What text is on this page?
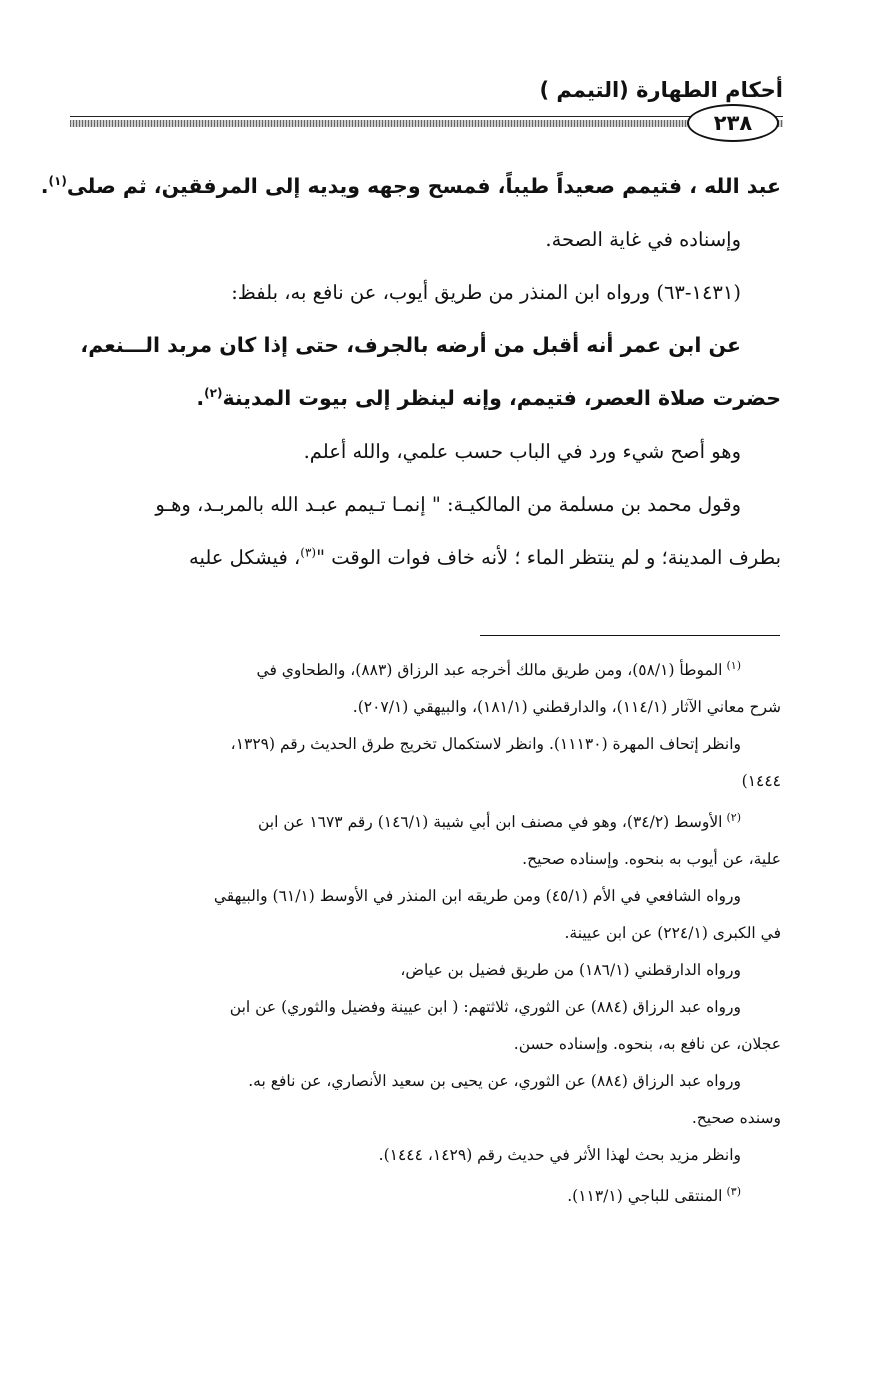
أحكام الطهارة (التيمم )
٢٣٨
عبد الله ، فتيمم صعيداً طيباً، فمسح وجهه ويديه إلى المرفقين، ثم صلى$^{(١)}$.
وإسناده في غاية الصحة.
(١٤٣١-٦٣) ورواه ابن المنذر من طريق أيوب، عن نافع به، بلفظ:
عن ابن عمر أنه أقبل من أرضه بالجرف، حتى إذا كان مربد الـــنعم،
حضرت صلاة العصر، فتيمم، وإنه لينظر إلى بيوت المدينة$^{(٢)}$.
وهو أصح شيء ورد في الباب حسب علمي، والله أعلم.
وقول محمد بن مسلمة من المالكيـة: " إنمـا تـيمم عبـد الله بالمربـد، وهـو
بطرف المدينة؛ و لم ينتظر الماء ؛ لأنه خاف فوات الوقت "$^{(٣)}$، فيشكل عليه
$^{(١)}$الموطأ (٥٨/١)، ومن طريق مالك أخرجه عبد الرزاق (٨٨٣)، والطحاوي في
شرح معاني الآثار (١١٤/١)، والدارقطني (١٨١/١)، والبيهقي (٢٠٧/١).
وانظر إتحاف المهرة (١١١٣٠). وانظر لاستكمال تخريج طرق الحديث رقم (١٣٢٩،
١٤٤٤)
$^{(٢)}$الأوسط (٣٤/٢)، وهو في مصنف ابن أبي شيبة (١٤٦/١) رقم ١٦٧٣ عن ابن
علية، عن أيوب به بنحوه. وإسناده صحيح.
ورواه الشافعي في الأم (٤٥/١) ومن طريقه ابن المنذر في الأوسط (٦١/١) والبيهقي
في الكبرى (٢٢٤/١) عن ابن عيينة.
ورواه الدارقطني (١٨٦/١) من طريق فضيل بن عياض،
ورواه عبد الرزاق (٨٨٤) عن الثوري، ثلاثتهم: ( ابن عيينة وفضيل والثوري) عن ابن
عجلان، عن نافع به، بنحوه. وإسناده حسن.
ورواه عبد الرزاق (٨٨٤) عن الثوري، عن يحيى بن سعيد الأنصاري، عن نافع به.
وسنده صحيح.
وانظر مزيد بحث لهذا الأثر في حديث رقم (١٤٢٩، ١٤٤٤).
$^{(٣)}$المنتقى للباجي (١١٣/١).
